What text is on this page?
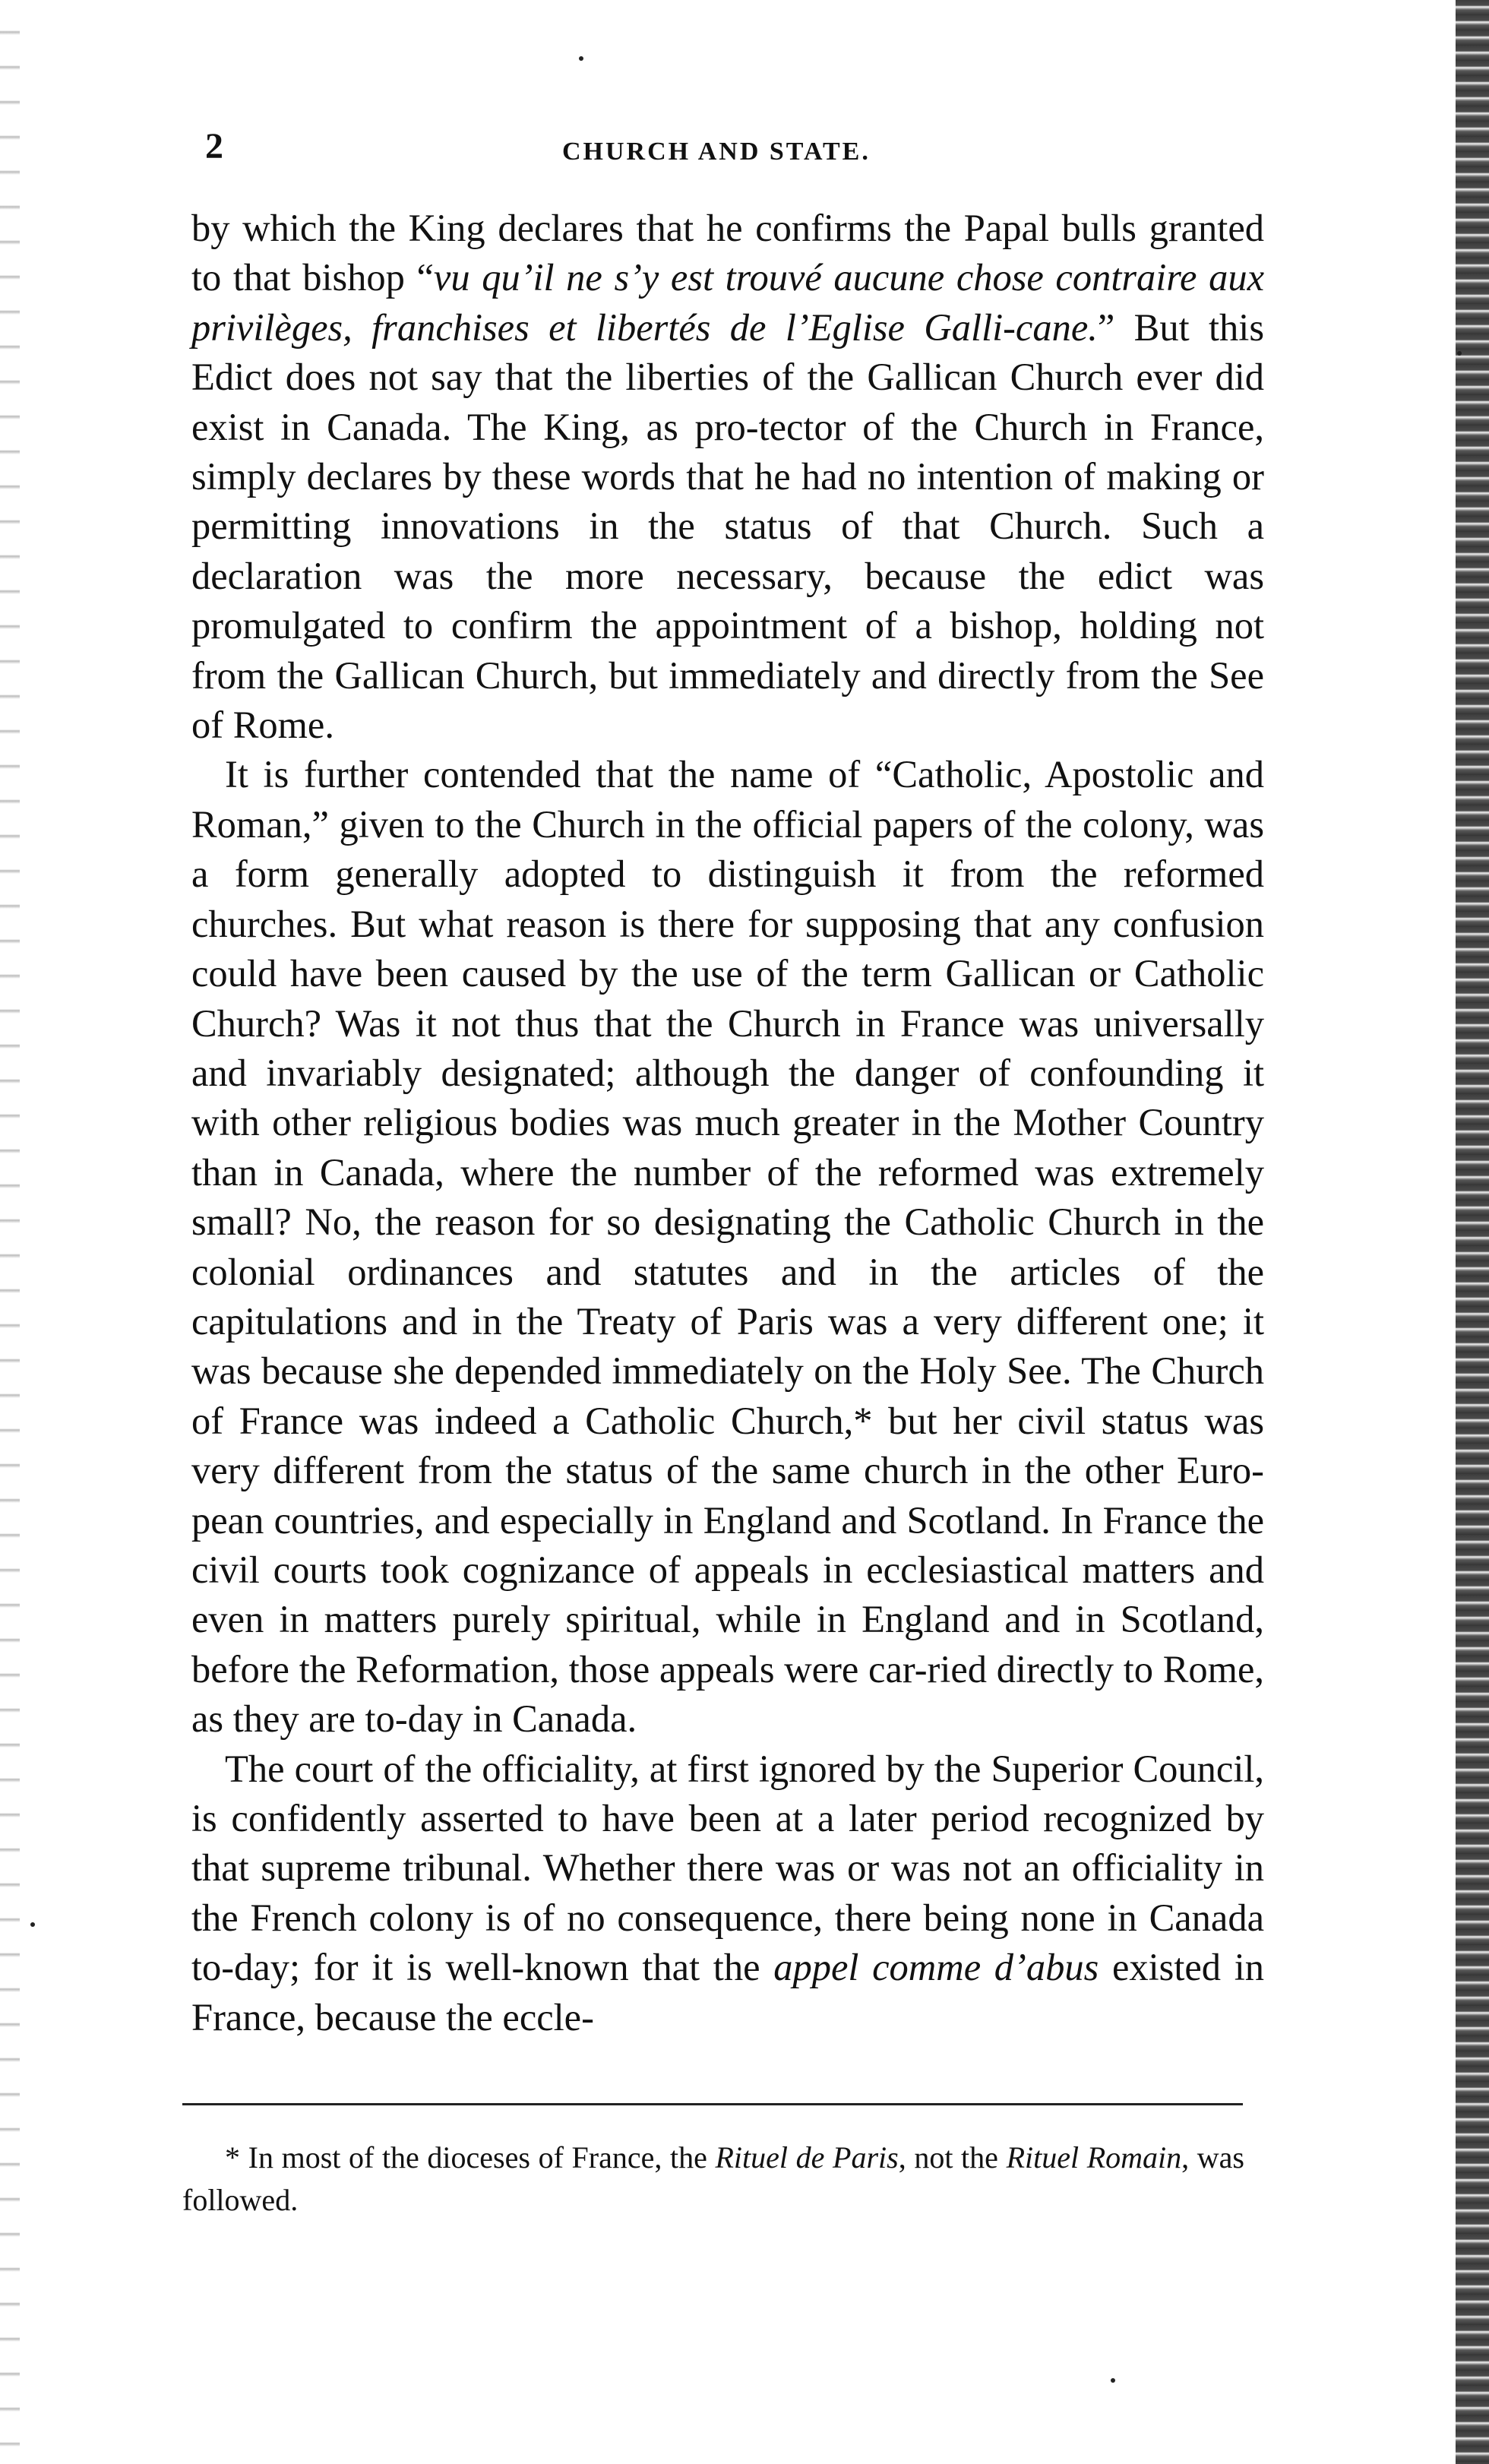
2	CHURCH AND STATE.

by which the King declares that he confirms the Papal bulls granted to that bishop “vu qu’il ne s’y est trouvé aucune chose contraire aux privilèges, franchises et libertés de l’Eglise Galli-cane.” But this Edict does not say that the liberties of the Gallican Church ever did exist in Canada. The King, as pro-tector of the Church in France, simply declares by these words that he had no intention of making or permitting innovations in the status of that Church. Such a declaration was the more necessary, because the edict was promulgated to confirm the appointment of a bishop, holding not from the Gallican Church, but immediately and directly from the See of Rome.

It is further contended that the name of “Catholic, Apostolic and Roman,” given to the Church in the official papers of the colony, was a form generally adopted to distinguish it from the reformed churches. But what reason is there for supposing that any confusion could have been caused by the use of the term Gallican or Catholic Church? Was it not thus that the Church in France was universally and invariably designated; although the danger of confounding it with other religious bodies was much greater in the Mother Country than in Canada, where the number of the reformed was extremely small? No, the reason for so designating the Catholic Church in the colonial ordinances and statutes and in the articles of the capitulations and in the Treaty of Paris was a very different one; it was because she depended immediately on the Holy See. The Church of France was indeed a Catholic Church,* but her civil status was very different from the status of the same church in the other Euro-pean countries, and especially in England and Scotland. In France the civil courts took cognizance of appeals in ecclesiastical matters and even in matters purely spiritual, while in England and in Scotland, before the Reformation, those appeals were car-ried directly to Rome, as they are to-day in Canada.

The court of the officiality, at first ignored by the Superior Council, is confidently asserted to have been at a later period recognized by that supreme tribunal. Whether there was or was not an officiality in the French colony is of no consequence, there being none in Canada to-day; for it is well-known that the appel comme d’abus existed in France, because the eccle-

* In most of the dioceses of France, the Rituel de Paris, not the Rituel Romain, was followed.
